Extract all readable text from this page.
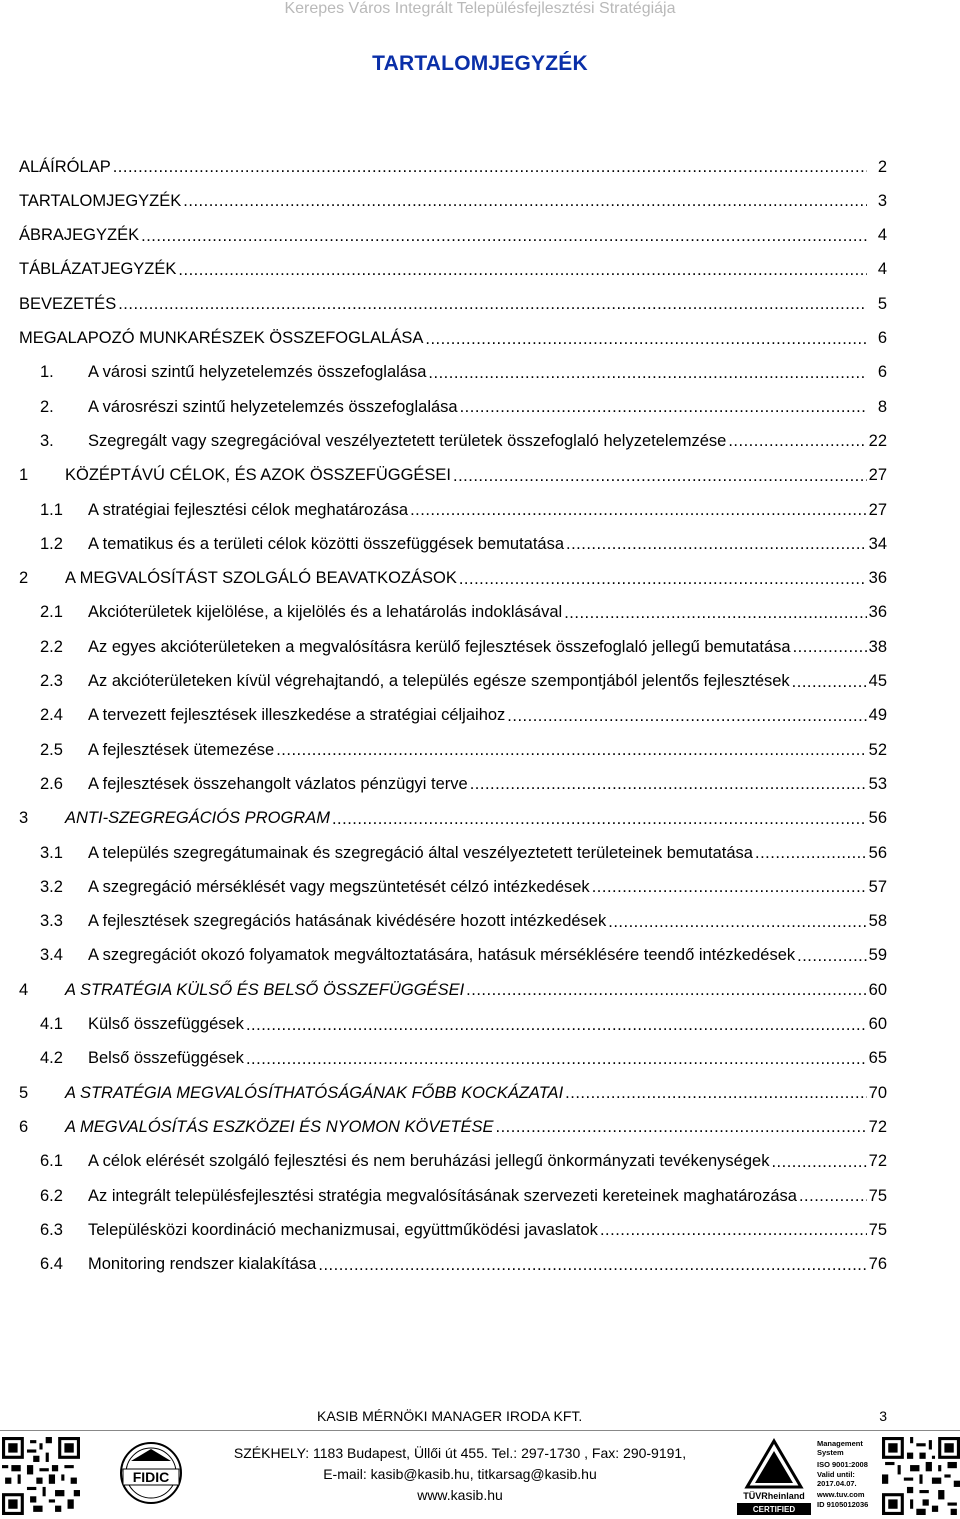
Kerepes Város Integrált Településfejlesztési Stratégiája
TARTALOMJEGYZÉK
ALÁÍRÓLAP .....	2
TARTALOMJEGYZÉK .....	3
ÁBRAJEGYZÉK .....	4
TÁBLÁZATJEGYZÉK .....	4
BEVEZETÉS .....	5
MEGALAPOZÓ MUNKARÉSZEK ÖSSZEFOGLALÁSA .....	6
1.	A városi szintű helyzetelemzés összefoglalása .....	6
2.	A városrészi szintű helyzetelemzés összefoglalása .....	8
3.	Szegregált vagy szegregációval veszélyeztetett területek összefoglaló helyzetelemzése .....	22
1	KÖZÉPTÁVÚ CÉLOK, ÉS AZOK ÖSSZEFÜGGÉSEI .....	27
1.1	A stratégiai fejlesztési célok meghatározása .....	27
1.2	A tematikus és a területi célok közötti összefüggések bemutatása .....	34
2	A MEGVALÓSÍTÁST SZOLGÁLÓ BEAVATKOZÁSOK .....	36
2.1	Akcióterületek kijelölése, a kijelölés és a lehatárolás indoklásával .....	36
2.2	Az egyes akcióterületeken a megvalósításra kerülő fejlesztések összefoglaló jellegű bemutatása .....	38
2.3	Az akcióterületeken kívül végrehajtandó, a település egésze szempontjából jelentős fejlesztések .....	45
2.4	A tervezett fejlesztések illeszkedése a stratégiai céljaihoz .....	49
2.5	A fejlesztések ütemezése .....	52
2.6	A fejlesztések összehangolt vázlatos pénzügyi terve .....	53
3	ANTI-SZEGREGÁCIÓS PROGRAM .....	56
3.1	A település szegregátumainak és szegregáció által veszélyeztetett területeinek bemutatása .....	56
3.2	A szegregáció mérséklését vagy megszüntetését célzó intézkedések .....	57
3.3	A fejlesztések szegregációs hatásának kivédésére hozott intézkedések .....	58
3.4	A szegregációt okozó folyamatok megváltoztatására, hatásuk mérséklésére teendő intézkedések .....	59
4	A STRATÉGIA KÜLSŐ ÉS BELSŐ ÖSSZEFÜGGÉSEI .....	60
4.1	Külső összefüggések .....	60
4.2	Belső összefüggések .....	65
5	A STRATÉGIA MEGVALÓSÍTHATÓSÁGÁNAK FŐBB KOCKÁZATAI .....	70
6	A MEGVALÓSÍTÁS ESZKÖZEI ÉS NYOMON KÖVETÉSE .....	72
6.1	A célok elérését szolgáló fejlesztési és nem beruházási jellegű önkormányzati tevékenységek .....	72
6.2	Az integrált településfejlesztési stratégia megvalósításának szervezeti kereteinek maghatározása .....	75
6.3	Településközi koordináció mechanizmusai, együttműködési javaslatok .....	75
6.4	Monitoring rendszer kialakítása .....	76
KASIB MÉRNÖKI MANAGER IRODA KFT.	3
FIDIC
SZÉKHELY: 1183 Budapest, Üllői út 455. Tel.: 297-1730 , Fax: 290-9191,
E-mail: kasib@kasib.hu, titkarsag@kasib.hu
www.kasib.hu	TÜVRheinland
CERTIFIED
Management
System
ISO 9001:2008
Valid until:
2017.04.07.
www.tuv.com
ID 9105012036
